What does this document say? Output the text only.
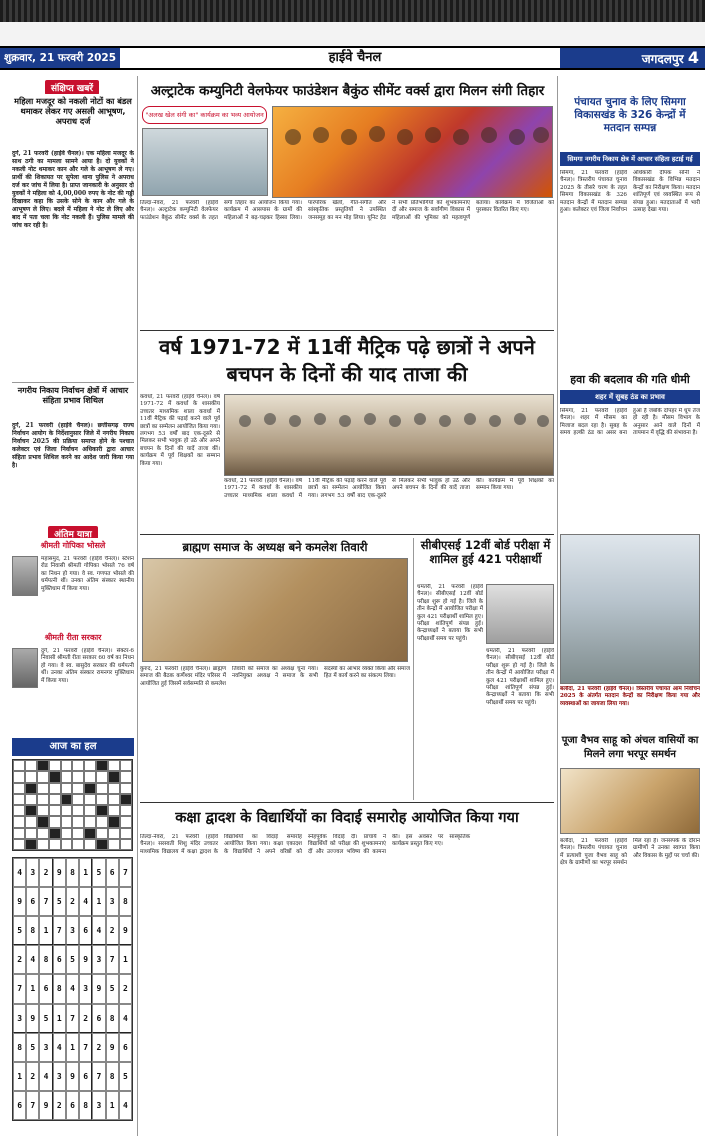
शुक्रवार, 21 फरवरी 2025	हाईवे चैनल	जगदलपुर 4
संक्षिप्त खबरें
महिला मजदूर को नकली नोटों का बंडल थमाकर लेकर गए असली आभूषण, अपराध दर्ज
दुर्ग, 21 फरवरी (हाईवे चैनल)। एक महिला मजदूर के साथ ठगी का मामला सामने आया है। दो युवकों ने नकली नोट थमाकर कान और गले के आभूषण ले गए। प्रार्थी की शिकायत पर सुपेला थाना पुलिस ने अपराध दर्ज कर जांच में लिया है। प्राप्त जानकारी के अनुसार दो युवकों ने महिला को 4,00,000 रुपए के नोट की गड्डी दिखाकर कहा कि उसके सोने के कान और गले के आभूषण ले लिए। बदले में महिला ने नोट ले लिए और बाद में पता चला कि नोट नकली हैं। पुलिस मामले की जांच कर रही है।
नगरीय निकाय निर्वाचन क्षेत्रों में आचार संहिता प्रभाव शिथिल
दुर्ग, 21 फरवरी (हाईवे चैनल)। छत्तीसगढ़ राज्य निर्वाचन आयोग के निर्देशानुसार जिले में नगरीय निकाय निर्वाचन 2025 की प्रक्रिया समाप्त होने के पश्चात कलेक्टर एवं जिला निर्वाचन अधिकारी द्वारा आचार संहिता प्रभाव शिथिल करने का आदेश जारी किया गया है।
अंतिम यात्रा
श्रीमती गोपिका भोसले
महासमुंद, 21 फरवरी (हाईवे चैनल)। स्टेशन रोड निवासी श्रीमती गोपिका भोसले 76 वर्ष का निधन हो गया। वे स्व. गणपत भोसले की धर्मपत्नी थीं। उनका अंतिम संस्कार स्थानीय मुक्तिधाम में किया गया।
श्रीमती रीता सरकार
दुर्ग, 21 फरवरी (हाईवे चैनल)। सेक्टर-6 निवासी श्रीमती रीता सरकार 60 वर्ष का निधन हो गया। वे स्व. बासुदेव सरकार की धर्मपत्नी थीं। उनका अंतिम संस्कार रामनगर मुक्तिधाम में किया गया।
आज का हल
4	3	2	9	8	1	5	6	7
9	6	7	5	2	4	1	3	8
5	8	1	7	3	6	4	2	9
2	4	8	6	5	9	3	7	1
7	1	6	8	4	3	9	5	2
3	9	5	1	7	2	6	8	4
8	5	3	4	1	7	2	9	6
1	2	4	3	9	6	7	8	5
6	7	9	2	6	8	3	1	4
अल्ट्राटेक कम्युनिटी वेलफेयर फाउंडेशन बैकुंठ सीमेंट वर्क्स द्वारा मिलन संगी तिहार
"अलख खेल संगी का" कार्यक्रम का भव्य आयोजन
तिल्दा-नेवरा, 21 फरवरी (हाईवे चैनल)। अल्ट्राटेक कम्युनिटी वेलफेयर फाउंडेशन बैकुंठ सीमेंट वर्क्स के तहत संगी तिहार का आयोजन किया गया। कार्यक्रम में आसपास के ग्रामों की महिलाओं ने बढ़-चढ़कर हिस्सा लिया। पारंपरिक खेलों, गीत-संगीत और सांस्कृतिक प्रस्तुतियों ने उपस्थित जनसमूह का मन मोह लिया। यूनिट हेड ने सभी प्रतिभागियों को शुभकामनाएं दीं और समाज के सर्वांगीण विकास में महिलाओं की भूमिका को महत्वपूर्ण बताया। कार्यक्रम में विजेताओं को पुरस्कार वितरित किए गए।
वर्ष 1971-72 में 11वीं मैट्रिक पढ़े छात्रों ने अपने बचपन के दिनों की याद ताजा की
कवर्धा, 21 फरवरी (हाईवे चैनल)। वर्ष 1971-72 में कवर्धा के शासकीय उच्चतर माध्यमिक शाला कवर्धा में 11वीं मैट्रिक की पढ़ाई करने वाले पूर्व छात्रों का सम्मेलन आयोजित किया गया। लगभग 53 वर्षों बाद एक-दूसरे से मिलकर सभी भावुक हो उठे और अपने बचपन के दिनों की यादें ताजा कीं। कार्यक्रम में पूर्व शिक्षकों का सम्मान किया गया।
कवर्धा, 21 फरवरी (हाईवे चैनल)। वर्ष 1971-72 में कवर्धा के शासकीय उच्चतर माध्यमिक शाला कवर्धा में 11वीं मैट्रिक की पढ़ाई करने वाले पूर्व छात्रों का सम्मेलन आयोजित किया गया। लगभग 53 वर्षों बाद एक-दूसरे से मिलकर सभी भावुक हो उठे और अपने बचपन के दिनों की यादें ताजा कीं। कार्यक्रम में पूर्व शिक्षकों का सम्मान किया गया।
ब्राह्मण समाज के अध्यक्ष बने कमलेश तिवारी
कुरुद, 21 फरवरी (हाईवे चैनल)। ब्राह्मण समाज की बैठक कर्णेश्वर मंदिर परिसर में आयोजित हुई जिसमें सर्वसम्मति से कमलेश तिवारी को समाज का अध्यक्ष चुना गया। नवनियुक्त अध्यक्ष ने समाज के सभी सदस्यों का आभार व्यक्त किया और समाज हित में कार्य करने का संकल्प लिया।
सीबीएसई 12वीं बोर्ड परीक्षा में शामिल हुई 421 परीक्षार्थी
धमतरी, 21 फरवरी (हाईवे चैनल)। सीबीएसई 12वीं बोर्ड परीक्षा शुरू हो गई है। जिले के तीन केन्द्रों में आयोजित परीक्षा में कुल 421 परीक्षार्थी शामिल हुए। परीक्षा शांतिपूर्ण संपन्न हुई। केन्द्राध्यक्षों ने बताया कि सभी परीक्षार्थी समय पर पहुंचे।
धमतरी, 21 फरवरी (हाईवे चैनल)। सीबीएसई 12वीं बोर्ड परीक्षा शुरू हो गई है। जिले के तीन केन्द्रों में आयोजित परीक्षा में कुल 421 परीक्षार्थी शामिल हुए। परीक्षा शांतिपूर्ण संपन्न हुई। केन्द्राध्यक्षों ने बताया कि सभी परीक्षार्थी समय पर पहुंचे।
कक्षा द्वादश के विद्यार्थियों का विदाई समारोह आयोजित किया गया
तिल्दा-नेवरा, 21 फरवरी (हाईवे चैनल)। सरस्वती शिशु मंदिर उच्चतर माध्यमिक विद्यालय में कक्षा द्वादश के विद्यार्थियों का विदाई समारोह आयोजित किया गया। कक्षा एकादश के विद्यार्थियों ने अपने वरिष्ठों को स्नेहपूर्वक विदाई दी। प्राचार्य ने विद्यार्थियों को परीक्षा की शुभकामनाएं दीं और उज्ज्वल भविष्य की कामना की। इस अवसर पर सांस्कृतिक कार्यक्रम प्रस्तुत किए गए।
पंचायत चुनाव के लिए सिमगा विकासखंड के 326 केन्द्रों में मतदान सम्पन्न
सिमगा नगरीय निकाय क्षेत्र में आचार संहिता हटाई गई
सिमगा, 21 फरवरी (हाईवे चैनल)। त्रिस्तरीय पंचायत चुनाव 2025 के तीसरे चरण के तहत सिमगा विकासखंड के 326 मतदान केन्द्रों में मतदान सम्पन्न हुआ। कलेक्टर एवं जिला निर्वाचन अधिकारी दीपक सोनी ने विकासखंड के विभिन्न मतदान केन्द्रों का निरीक्षण किया। मतदान शांतिपूर्ण एवं व्यवस्थित रूप से संपन्न हुआ। मतदाताओं में भारी उत्साह देखा गया।
हवा की बदलाव की गति धीमी
शहर में सुबह ठंड का प्रभाव
सिमगा, 21 फरवरी (हाईवे चैनल)। शहर में मौसम का मिजाज बदल रहा है। सुबह के समय हल्की ठंड का असर बना हुआ है जबकि दोपहर में धूप तेज हो रही है। मौसम विभाग के अनुसार आने वाले दिनों में तापमान में वृद्धि की संभावना है।
बलौदा, 21 फरवरी (हाईवे चैनल)। त्रिस्तरीय पंचायत आम निर्वाचन 2025 के अंतर्गत मतदान केन्द्रों का निरीक्षण किया गया और व्यवस्थाओं का जायजा लिया गया।
पूजा वैभव साहू को अंचल वासियों का मिलने लगा भरपूर समर्थन
बलौदा, 21 फरवरी (हाईवे चैनल)। त्रिस्तरीय पंचायत चुनाव में प्रत्याशी पूजा वैभव साहू को क्षेत्र के ग्रामीणों का भरपूर समर्थन मिल रहा है। जनसंपर्क के दौरान ग्रामीणों ने उनका स्वागत किया और विकास के मुद्दों पर चर्चा की।
